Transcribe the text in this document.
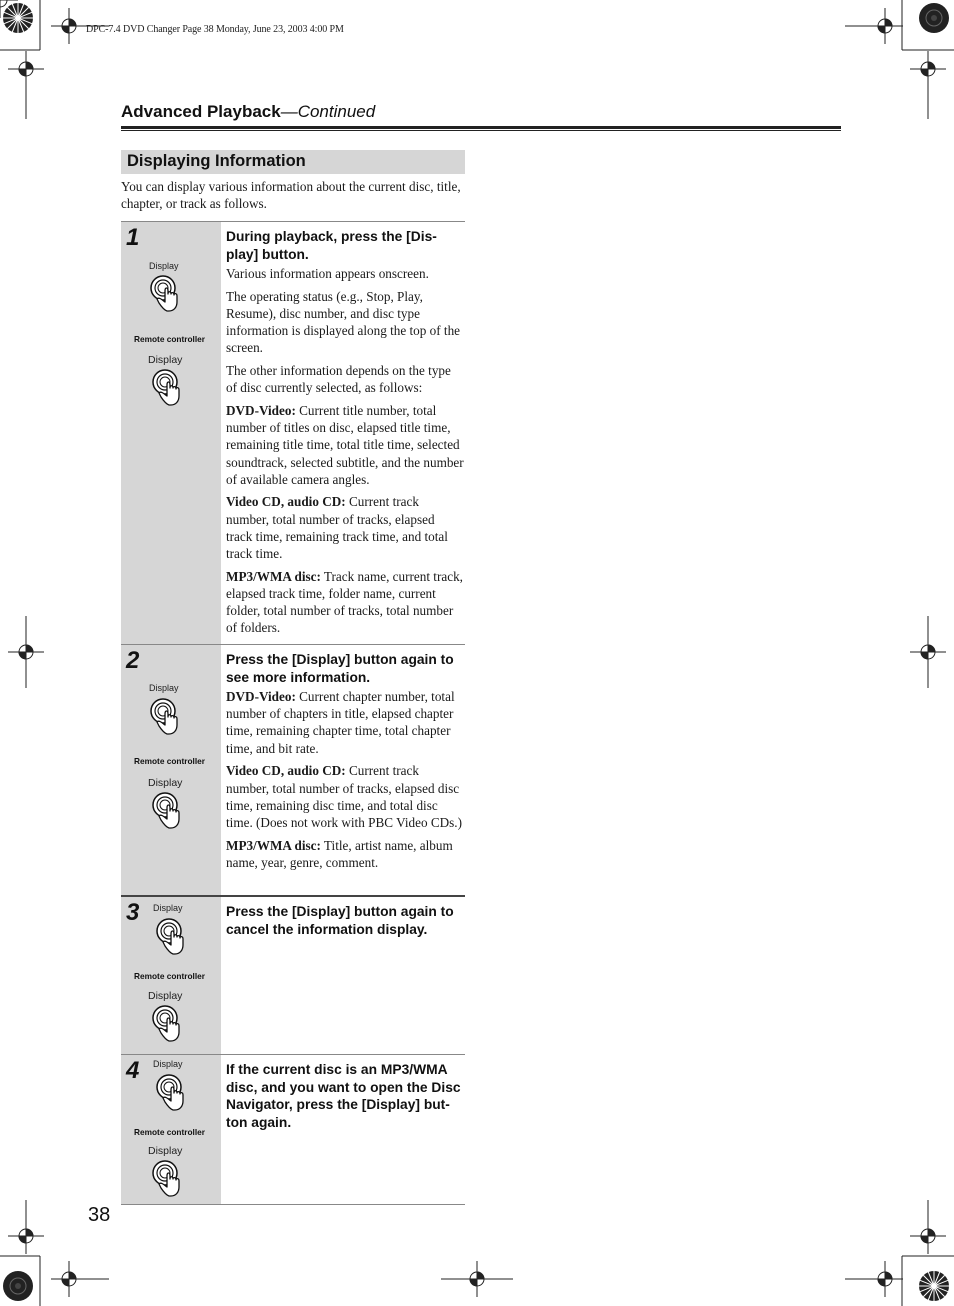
DPC-7.4 DVD Changer Page 38 Monday, June 23, 2003 4:00 PM
Advanced Playback—Continued
Displaying Information
You can display various information about the current disc, title, chapter, or track as follows.
1
Display
Remote controller
Display
During playback, press the [Dis-play] button.

Various information appears onscreen.

The operating status (e.g., Stop, Play, Resume), disc number, and disc type information is displayed along the top of the screen.

The other information depends on the type of disc currently selected, as follows:

DVD-Video: Current title number, total number of titles on disc, elapsed title time, remaining title time, total title time, selected soundtrack, selected subtitle, and the number of available camera angles.

Video CD, audio CD: Current track number, total number of tracks, elapsed track time, remaining track time, and total track time.

MP3/WMA disc: Track name, current track, elapsed track time, folder name, current folder, total number of tracks, total number of folders.

2
Display
Remote controller
Display
Press the [Display] button again to see more information.

DVD-Video: Current chapter number, total number of chapters in title, elapsed chapter time, remaining chapter time, total chapter time, and bit rate.

Video CD, audio CD: Current track number, total number of tracks, elapsed disc time, remaining disc time, and total disc time. (Does not work with PBC Video CDs.)

MP3/WMA disc: Title, artist name, album name, year, genre, comment.

3 Display
Remote controller
Display
Press the [Display] button again to cancel the information display.
4 Display
Remote controller
Display
If the current disc is an MP3/WMA disc, and you want to open the Disc Navigator, press the [Display] but-ton again.
38
